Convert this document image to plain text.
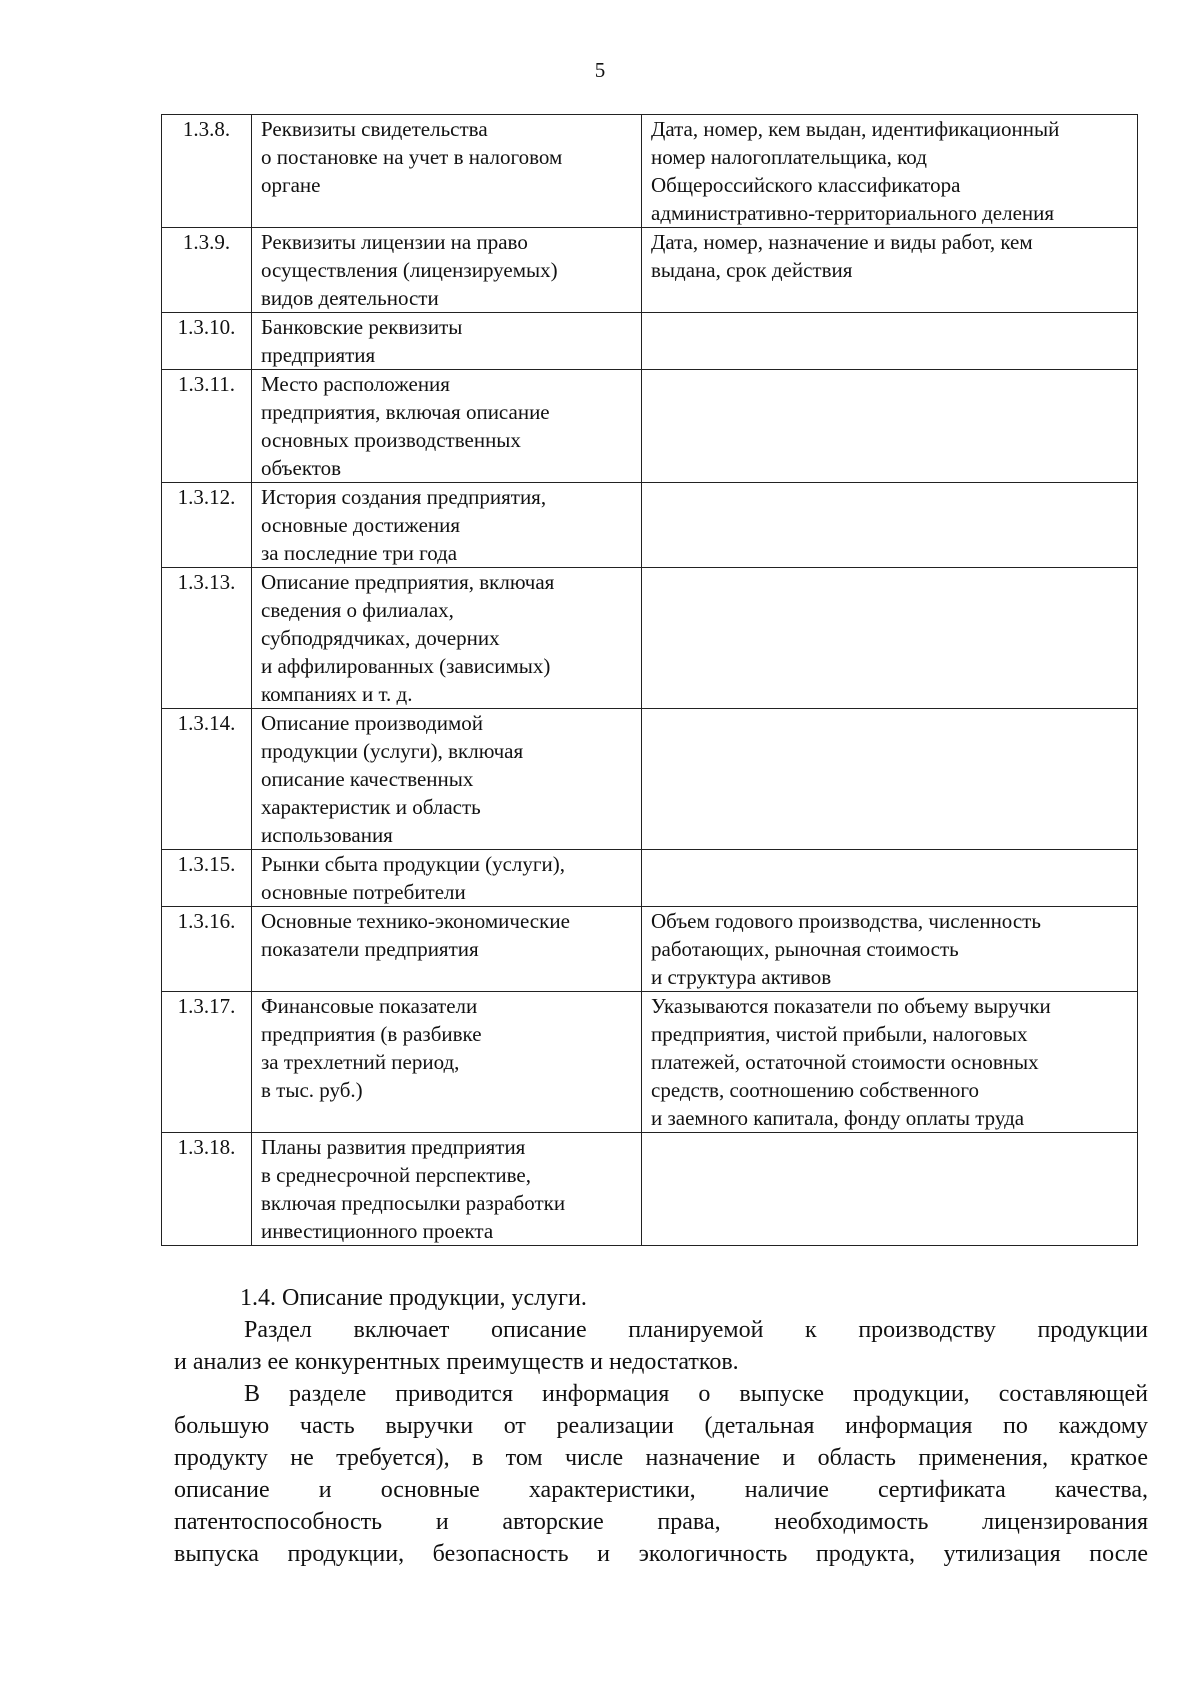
5
1.3.8.	Реквизиты свидетельства
о постановке на учет в налоговом
органе	Дата, номер, кем выдан, идентификационный
номер налогоплательщика, код
Общероссийского классификатора
административно-территориального деления

1.3.9.	Реквизиты лицензии на право
осуществления (лицензируемых)
видов деятельности	Дата, номер, назначение и виды работ, кем
выдана, срок действия

1.3.10.	Банковские реквизиты
предприятия	

1.3.11.	Место расположения
предприятия, включая описание
основных производственных
объектов	

1.3.12.	История создания предприятия,
основные достижения
за последние три года	

1.3.13.	Описание предприятия, включая
сведения о филиалах,
субподрядчиках, дочерних
и аффилированных (зависимых)
компаниях и т. д.	

1.3.14.	Описание производимой
продукции (услуги), включая
описание качественных
характеристик и область
использования	

1.3.15.	Рынки сбыта продукции (услуги),
основные потребители	

1.3.16.	Основные технико-экономические
показатели предприятия	Объем годового производства, численность
работающих, рыночная стоимость
и структура активов

1.3.17.	Финансовые показатели
предприятия (в разбивке
за трехлетний период,
в тыс. руб.)	Указываются показатели по объему выручки
предприятия, чистой прибыли, налоговых
платежей, остаточной стоимости основных
средств, соотношению собственного
и заемного капитала, фонду оплаты труда

1.3.18.	Планы развития предприятия
в среднесрочной перспективе,
включая предпосылки разработки
инвестиционного проекта	

1.4. Описание продукции, услуги.
Раздел включает описание планируемой к производству продукции
и анализ ее конкурентных преимуществ и недостатков.
В разделе приводится информация о выпуске продукции, составляющей
большую часть выручки от реализации (детальная информация по каждому
продукту не требуется), в том числе назначение и область применения, краткое
описание и основные характеристики, наличие сертификата качества,
патентоспособность и авторские права, необходимость лицензирования
выпуска продукции, безопасность и экологичность продукта, утилизация после
